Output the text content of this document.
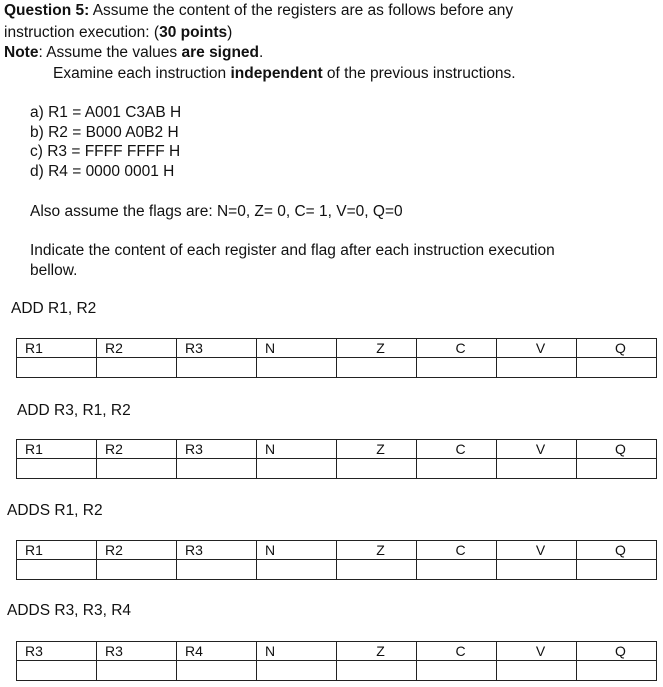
Question 5: Assume the content of the registers are as follows before any
instruction execution: (30 points)
Note: Assume the values are signed.
Examine each instruction independent of the previous instructions.
a) R1 = A001 C3AB H
b) R2 = B000 A0B2 H
c) R3 = FFFF FFFF H
d) R4 = 0000 0001 H
Also assume the flags are: N=0, Z= 0, C= 1, V=0, Q=0
Indicate the content of each register and flag after each instruction execution
bellow.
ADD R1, R2
R1	R2	R3	N	Z	C	V	Q

ADD R3, R1, R2
R1	R2	R3	N	Z	C	V	Q

ADDS R1, R2
R1	R2	R3	N	Z	C	V	Q

ADDS R3, R3, R4
R3	R3	R4	N	Z	C	V	Q
